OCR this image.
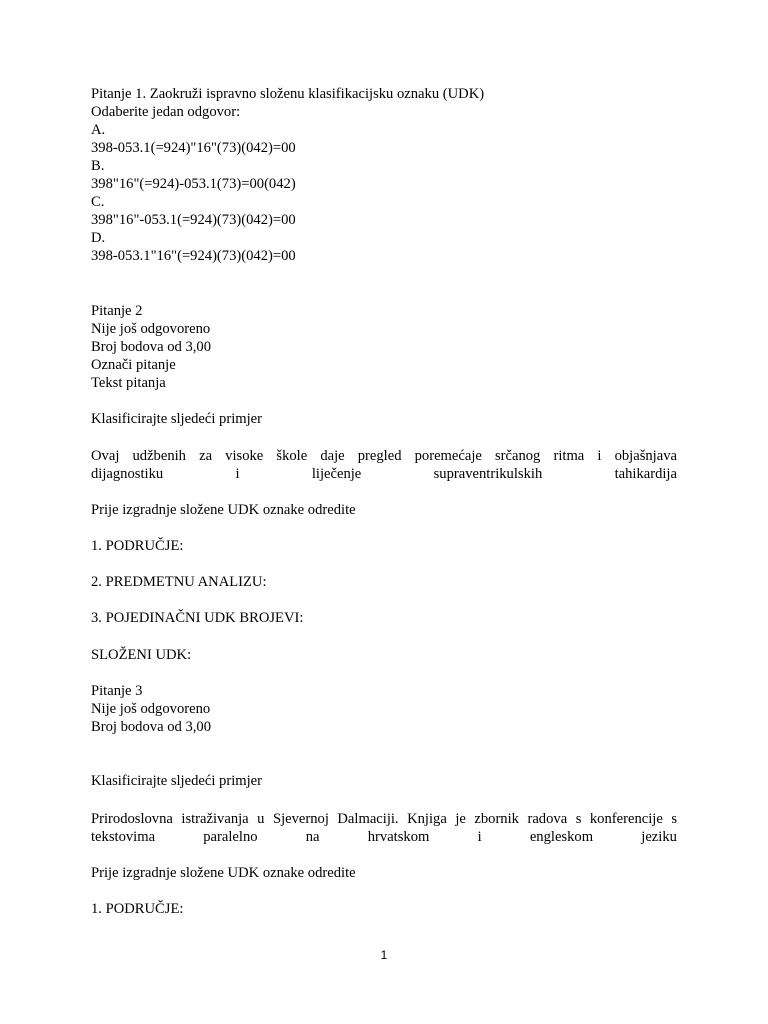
Pitanje 1. Zaokruži ispravno složenu klasifikacijsku oznaku (UDK)
Odaberite jedan odgovor:
A.
398-053.1(=924)"16"(73)(042)=00
B.
398"16"(=924)-053.1(73)=00(042)
C.
398"16"-053.1(=924)(73)(042)=00
D.
398-053.1"16"(=924)(73)(042)=00
Pitanje 2
Nije još odgovoreno
Broj bodova od 3,00
Označi pitanje
Tekst pitanja
Klasificirajte sljedeći primjer
Ovaj udžbenih za visoke škole daje pregled poremećaje srčanog ritma i objašnjava
dijagnostiku	i	liječenje	supraventrikulskih	tahikardija
Prije izgradnje složene UDK oznake odredite
1. PODRUČJE:
2. PREDMETNU ANALIZU:
3. POJEDINAČNI UDK BROJEVI:
SLOŽENI UDK:
Pitanje 3
Nije još odgovoreno
Broj bodova od 3,00
Klasificirajte sljedeći primjer
Prirodoslovna istraživanja u Sjevernoj Dalmaciji. Knjiga je zbornik radova s konferencije s
tekstovima	paralelno	na	hrvatskom	i	engleskom	jeziku
Prije izgradnje složene UDK oznake odredite
1. PODRUČJE:
1
